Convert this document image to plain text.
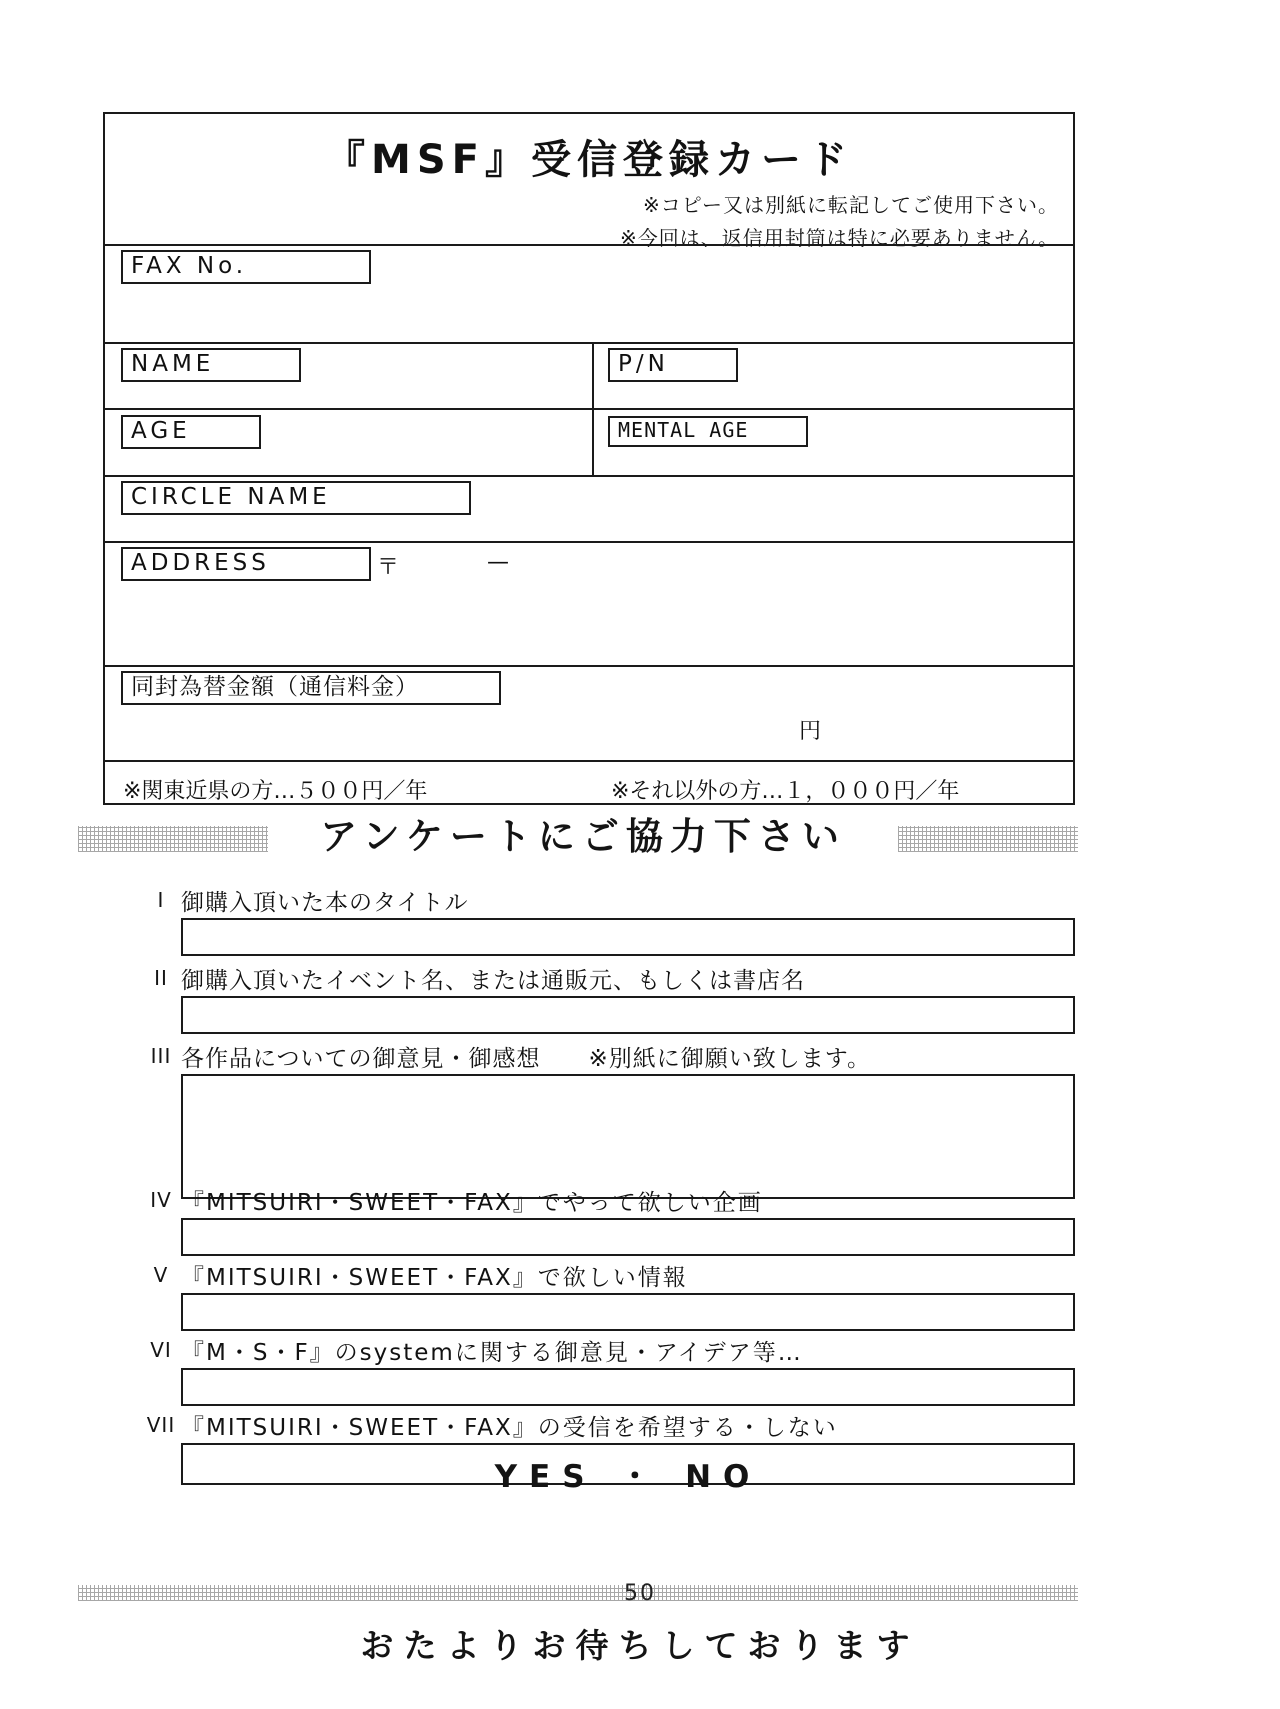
『MSF』受信登録カード
※コピー又は別紙に転記してご使用下さい。
※今回は、返信用封筒は特に必要ありません。
FAX No.
NAME	P/N
AGE	MENTAL AGE
CIRCLE NAME
ADDRESS	〒	—
同封為替金額（通信料金）
円
※関東近県の方…５００円／年	※それ以外の方…１，０００円／年
アンケートにご協力下さい
I 御購入頂いた本のタイトル
II 御購入頂いたイベント名、または通販元、もしくは書店名
III 各作品についての御意見・御感想　　※別紙に御願い致します。
IV 『MITSUIRI・SWEET・FAX』でやって欲しい企画
V 『MITSUIRI・SWEET・FAX』で欲しい情報
VI 『M・S・F』のsystemに関する御意見・アイデア等…
VII 『MITSUIRI・SWEET・FAX』の受信を希望する・しない
YES ・ NO
50
おたよりお待ちしております
